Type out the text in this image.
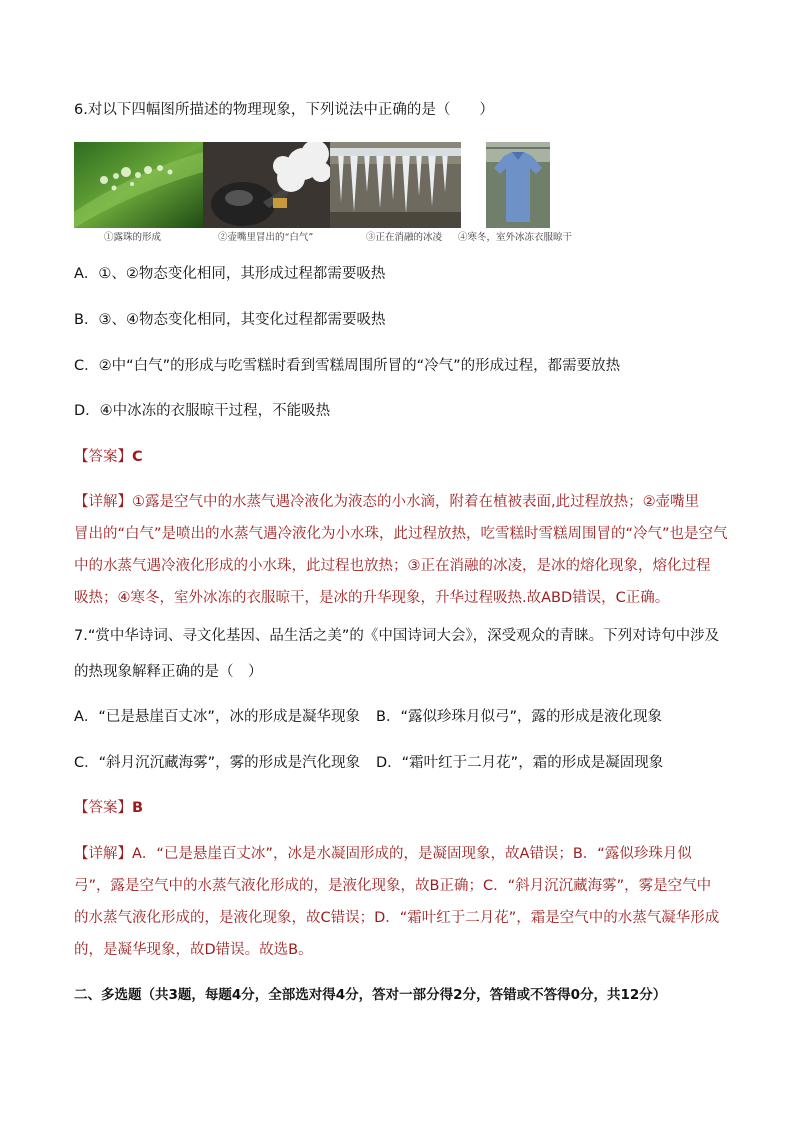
6.对以下四幅图所描述的物理现象，下列说法中正确的是（　　）
①露珠的形成	②壶嘴里冒出的“白气”	③正在消融的冰凌 ④寒冬，室外冰冻衣服晾干
A．①、②物态变化相同，其形成过程都需要吸热
B．③、④物态变化相同，其变化过程都需要吸热
C．②中“白气”的形成与吃雪糕时看到雪糕周围所冒的“冷气”的形成过程，都需要放热
D．④中冰冻的衣服晾干过程，不能吸热
【答案】C
【详解】①露是空气中的水蒸气遇冷液化为液态的小水滴，附着在植被表面,此过程放热；②壶嘴里
冒出的“白气”是喷出的水蒸气遇冷液化为小水珠，此过程放热，吃雪糕时雪糕周围冒的“冷气”也是空气
中的水蒸气遇冷液化形成的小水珠，此过程也放热；③正在消融的冰凌，是冰的熔化现象，熔化过程
吸热；④寒冬，室外冰冻的衣服晾干，是冰的升华现象，升华过程吸热.故ABD错误，C正确。
7.“赏中华诗词、寻文化基因、品生活之美”的《中国诗词大会》，深受观众的青睐。下列对诗句中涉及
的热现象解释正确的是（　）
A．“已是悬崖百丈冰”，冰的形成是凝华现象 B．“露似珍珠月似弓”，露的形成是液化现象
C．“斜月沉沉藏海雾”，雾的形成是汽化现象 D．“霜叶红于二月花”，霜的形成是凝固现象
【答案】B
【详解】A．“已是悬崖百丈冰”，冰是水凝固形成的，是凝固现象，故A错误；B．“露似珍珠月似
弓”，露是空气中的水蒸气液化形成的，是液化现象，故B正确；C．“斜月沉沉藏海雾”，雾是空气中
的水蒸气液化形成的，是液化现象，故C错误；D．“霜叶红于二月花”，霜是空气中的水蒸气凝华形成
的，是凝华现象，故D错误。故选B。
二、多选题（共3题，每题4分，全部选对得4分，答对一部分得2分，答错或不答得0分，共12分）
